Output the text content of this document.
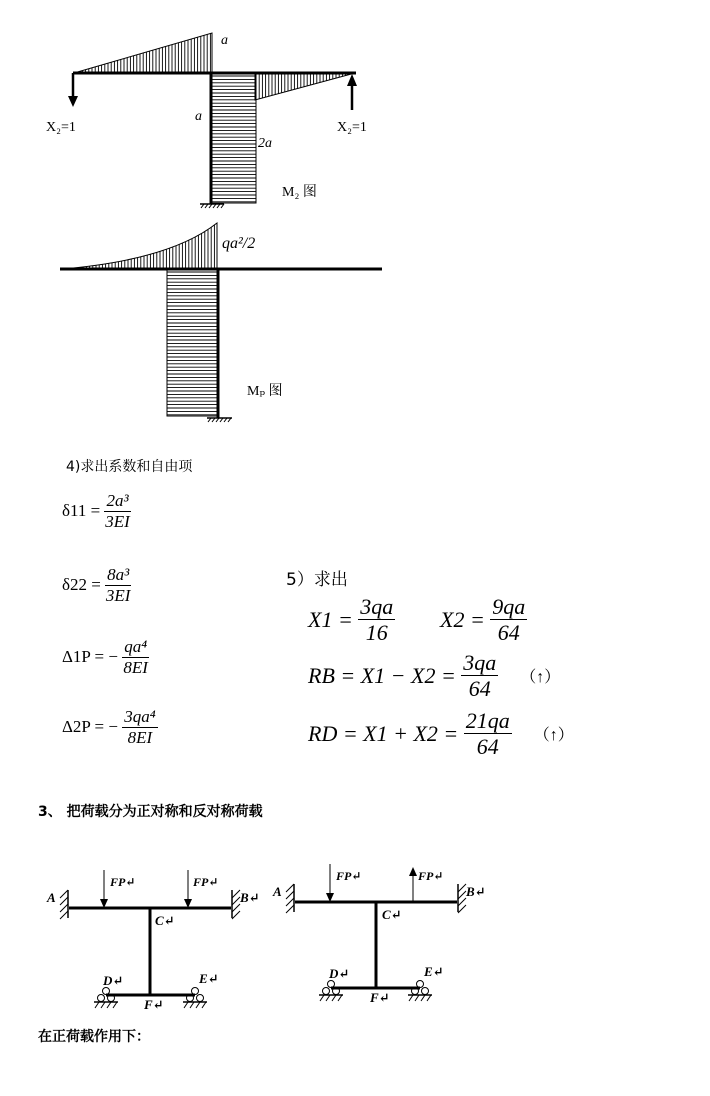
a
a
2a
X₂=1	X₂=1
M₂ 图
qa²/2
Mₚ 图
4)求出系数和自由项
δ11 =
$\frac{\text{2a³}}{3EI}$
δ22 =
$\frac{\text{8a³}}{3EI}$
Δ1P = −
$\frac{\text{qa⁴}}{8EI}$
Δ2P = −
$\frac{\text{3qa⁴}}{8EI}$
5）求出
X1 =
$\frac{3qa}{16} X2$ =
$\frac{9qa}{64}$
RB = X1 − X2 =
$\frac{3qa}{64}$ （↑）
RD = X1 + X2 =
$\frac{21qa}{64}$ （↑）
3、 把荷载分为正对称和反对称荷载
FP↵	FP↵
A	B↵
C↵
D↵	E↵
F↵
FP↵	FP↵
A	B↵
C↵
D↵	E↵
F↵
在正荷载作用下：
